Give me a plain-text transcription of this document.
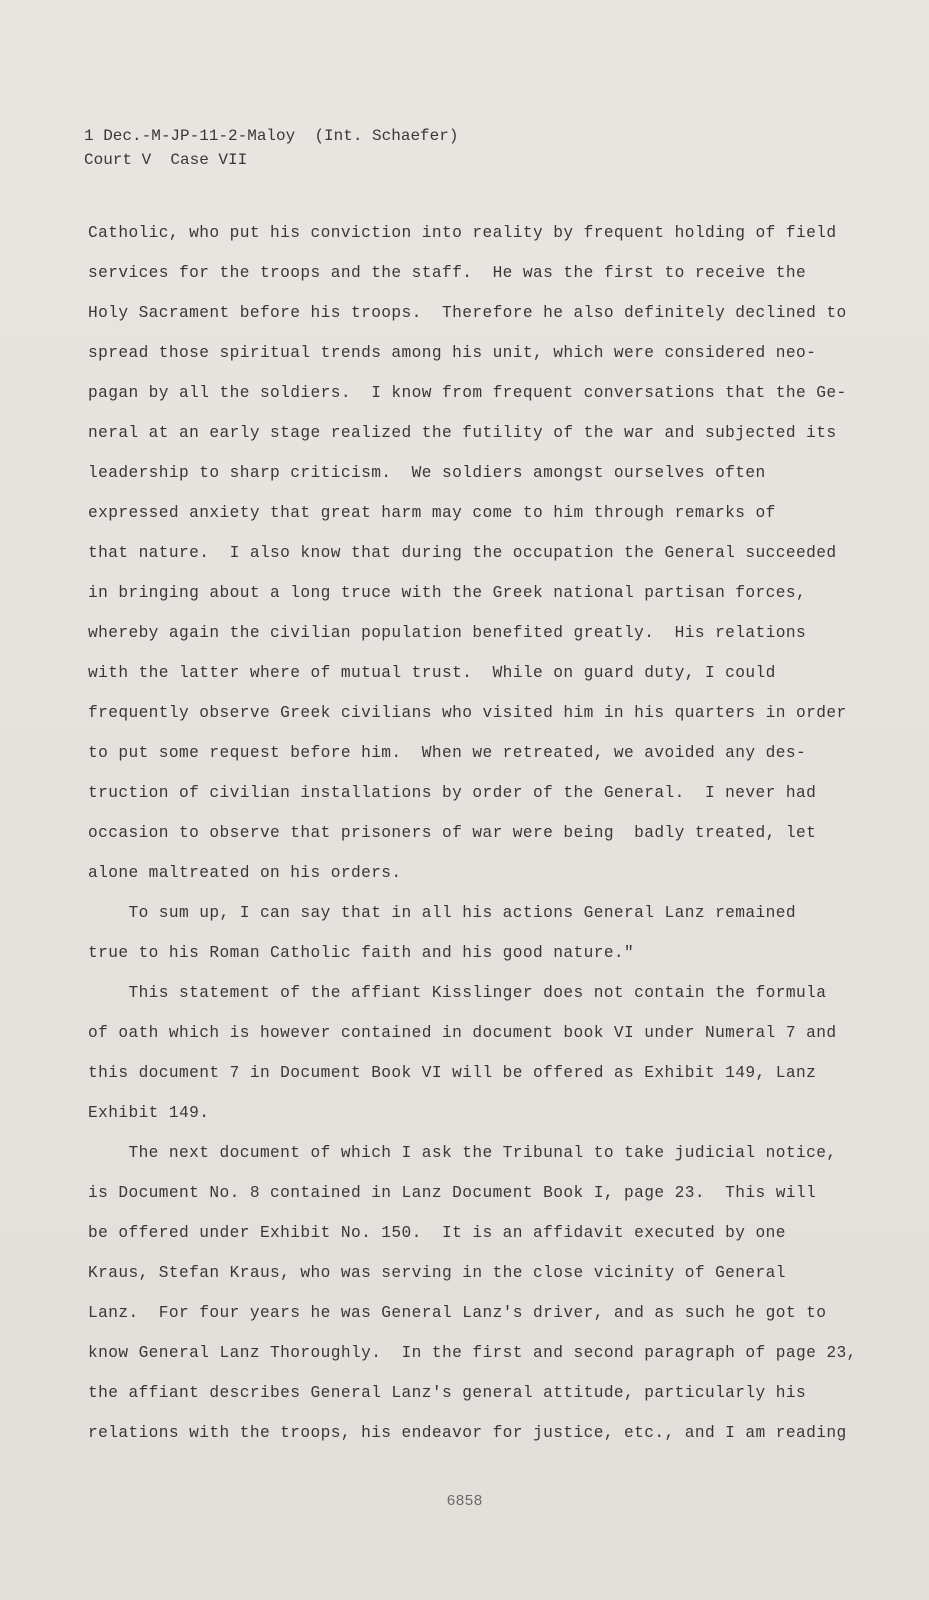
1 Dec.-M-JP-11-2-Maloy  (Int. Schaefer)
Court V  Case VII
Catholic, who put his conviction into reality by frequent holding of field
services for the troops and the staff.  He was the first to receive the
Holy Sacrament before his troops.  Therefore he also definitely declined to
spread those spiritual trends among his unit, which were considered neo-
pagan by all the soldiers.  I know from frequent conversations that the Ge-
neral at an early stage realized the futility of the war and subjected its
leadership to sharp criticism.  We soldiers amongst ourselves often
expressed anxiety that great harm may come to him through remarks of
that nature.  I also know that during the occupation the General succeeded
in bringing about a long truce with the Greek national partisan forces,
whereby again the civilian population benefited greatly.  His relations
with the latter where of mutual trust.  While on guard duty, I could
frequently observe Greek civilians who visited him in his quarters in order
to put some request before him.  When we retreated, we avoided any des-
truction of civilian installations by order of the General.  I never had
occasion to observe that prisoners of war were being  badly treated, let
alone maltreated on his orders.
To sum up, I can say that in all his actions General Lanz remained
true to his Roman Catholic faith and his good nature."
This statement of the affiant Kisslinger does not contain the formula
of oath which is however contained in document book VI under Numeral 7 and
this document 7 in Document Book VI will be offered as Exhibit 149, Lanz
Exhibit 149.
The next document of which I ask the Tribunal to take judicial notice,
is Document No. 8 contained in Lanz Document Book I, page 23.  This will
be offered under Exhibit No. 150.  It is an affidavit executed by one
Kraus, Stefan Kraus, who was serving in the close vicinity of General
Lanz.  For four years he was General Lanz's driver, and as such he got to
know General Lanz Thoroughly.  In the first and second paragraph of page 23,
the affiant describes General Lanz's general attitude, particularly his
relations with the troops, his endeavor for justice, etc., and I am reading
6858
